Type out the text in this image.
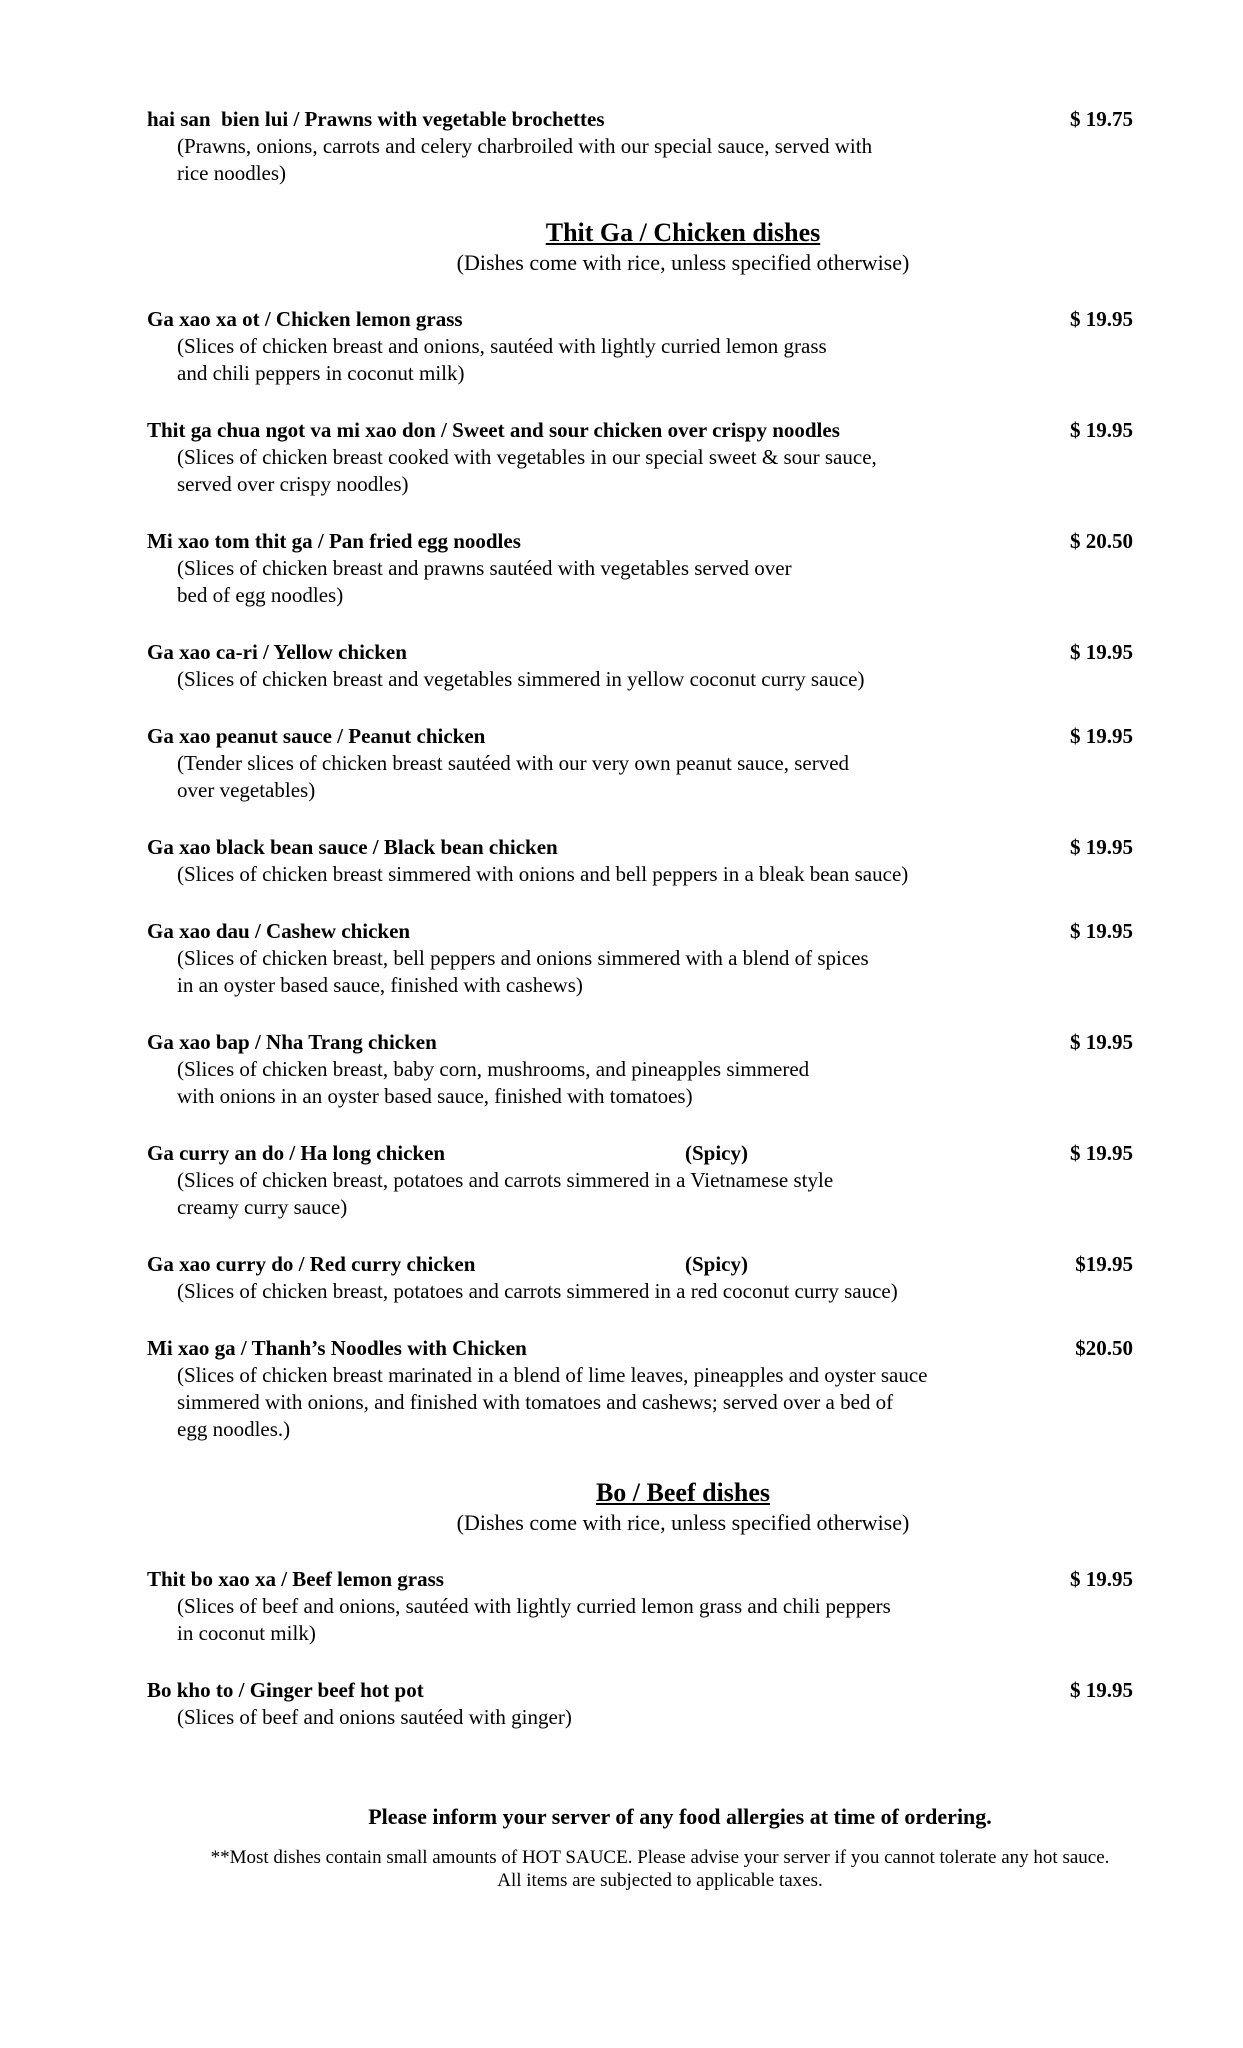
hai san  bien lui / Prawns with vegetable brochettes	$ 19.75
(Prawns, onions, carrots and celery charbroiled with our special sauce, served with
rice noodles)
Thit Ga / Chicken dishes
(Dishes come with rice, unless specified otherwise)
Ga xao xa ot / Chicken lemon grass	$ 19.95
(Slices of chicken breast and onions, sautéed with lightly curried lemon grass
and chili peppers in coconut milk)
Thit ga chua ngot va mi xao don / Sweet and sour chicken over crispy noodles	$ 19.95
(Slices of chicken breast cooked with vegetables in our special sweet & sour sauce,
served over crispy noodles)
Mi xao tom thit ga / Pan fried egg noodles	$ 20.50
(Slices of chicken breast and prawns sautéed with vegetables served over
bed of egg noodles)
Ga xao ca-ri / Yellow chicken	$ 19.95
(Slices of chicken breast and vegetables simmered in yellow coconut curry sauce)
Ga xao peanut sauce / Peanut chicken	$ 19.95
(Tender slices of chicken breast sautéed with our very own peanut sauce, served
over vegetables)
Ga xao black bean sauce / Black bean chicken	$ 19.95
(Slices of chicken breast simmered with onions and bell peppers in a bleak bean sauce)
Ga xao dau / Cashew chicken	$ 19.95
(Slices of chicken breast, bell peppers and onions simmered with a blend of spices
in an oyster based sauce, finished with cashews)
Ga xao bap / Nha Trang chicken	$ 19.95
(Slices of chicken breast, baby corn, mushrooms, and pineapples simmered
with onions in an oyster based sauce, finished with tomatoes)
Ga curry an do / Ha long chicken	(Spicy)	$ 19.95
(Slices of chicken breast, potatoes and carrots simmered in a Vietnamese style
creamy curry sauce)
Ga xao curry do / Red curry chicken	(Spicy)	$19.95
(Slices of chicken breast, potatoes and carrots simmered in a red coconut curry sauce)
Mi xao ga / Thanh’s Noodles with Chicken	$20.50
(Slices of chicken breast marinated in a blend of lime leaves, pineapples and oyster sauce
simmered with onions, and finished with tomatoes and cashews; served over a bed of
egg noodles.)
Bo / Beef dishes
(Dishes come with rice, unless specified otherwise)
Thit bo xao xa / Beef lemon grass	$ 19.95
(Slices of beef and onions, sautéed with lightly curried lemon grass and chili peppers
in coconut milk)
Bo kho to / Ginger beef hot pot	$ 19.95
(Slices of beef and onions sautéed with ginger)
Please inform your server of any food allergies at time of ordering.
**Most dishes contain small amounts of HOT SAUCE. Please advise your server if you cannot tolerate any hot sauce.
All items are subjected to applicable taxes.
